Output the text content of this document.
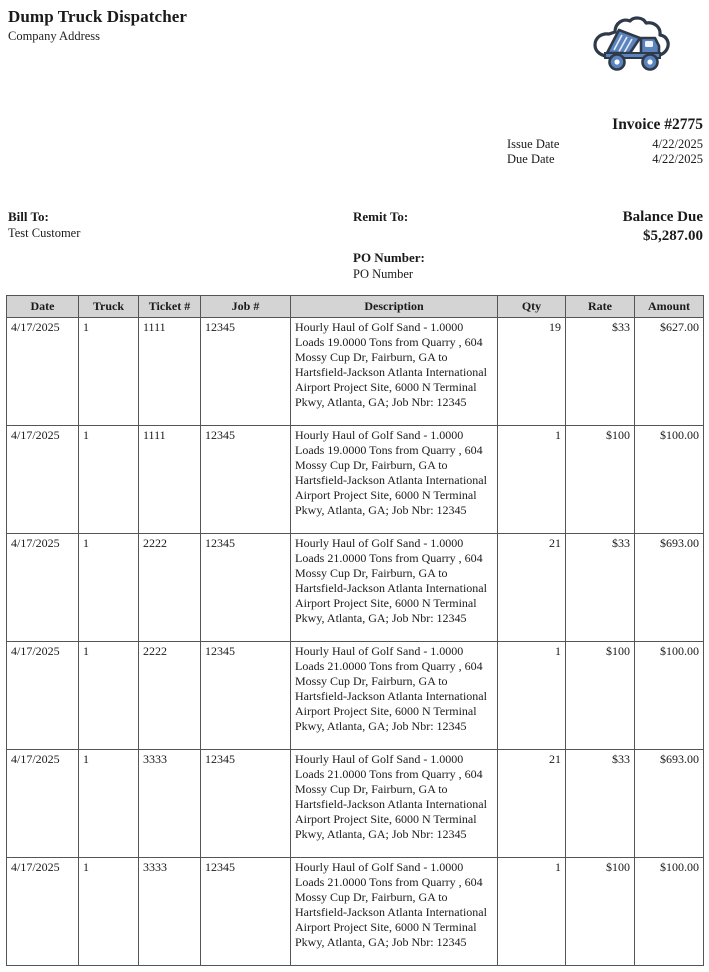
Dump Truck Dispatcher
Company Address
Invoice #2775
Issue Date	4/22/2025
Due Date	4/22/2025
Bill To:
Test Customer
Remit To:
PO Number:
PO Number
Balance Due
$5,287.00
Date	Truck	Ticket #	Job #	Description	Qty	Rate	Amount
4/17/2025	1	1111	12345	Hourly Haul of Golf Sand - 1.0000 Loads 19.0000 Tons from Quarry , 604 Mossy Cup Dr, Fairburn, GA to Hartsfield-Jackson Atlanta International Airport Project Site, 6000 N Terminal Pkwy, Atlanta, GA; Job Nbr: 12345	19	$33	$627.00
4/17/2025	1	1111	12345	Hourly Haul of Golf Sand - 1.0000 Loads 19.0000 Tons from Quarry , 604 Mossy Cup Dr, Fairburn, GA to Hartsfield-Jackson Atlanta International Airport Project Site, 6000 N Terminal Pkwy, Atlanta, GA; Job Nbr: 12345	1	$100	$100.00
4/17/2025	1	2222	12345	Hourly Haul of Golf Sand - 1.0000 Loads 21.0000 Tons from Quarry , 604 Mossy Cup Dr, Fairburn, GA to Hartsfield-Jackson Atlanta International Airport Project Site, 6000 N Terminal Pkwy, Atlanta, GA; Job Nbr: 12345	21	$33	$693.00
4/17/2025	1	2222	12345	Hourly Haul of Golf Sand - 1.0000 Loads 21.0000 Tons from Quarry , 604 Mossy Cup Dr, Fairburn, GA to Hartsfield-Jackson Atlanta International Airport Project Site, 6000 N Terminal Pkwy, Atlanta, GA; Job Nbr: 12345	1	$100	$100.00
4/17/2025	1	3333	12345	Hourly Haul of Golf Sand - 1.0000 Loads 21.0000 Tons from Quarry , 604 Mossy Cup Dr, Fairburn, GA to Hartsfield-Jackson Atlanta International Airport Project Site, 6000 N Terminal Pkwy, Atlanta, GA; Job Nbr: 12345	21	$33	$693.00
4/17/2025	1	3333	12345	Hourly Haul of Golf Sand - 1.0000 Loads 21.0000 Tons from Quarry , 604 Mossy Cup Dr, Fairburn, GA to Hartsfield-Jackson Atlanta International Airport Project Site, 6000 N Terminal Pkwy, Atlanta, GA; Job Nbr: 12345	1	$100	$100.00
